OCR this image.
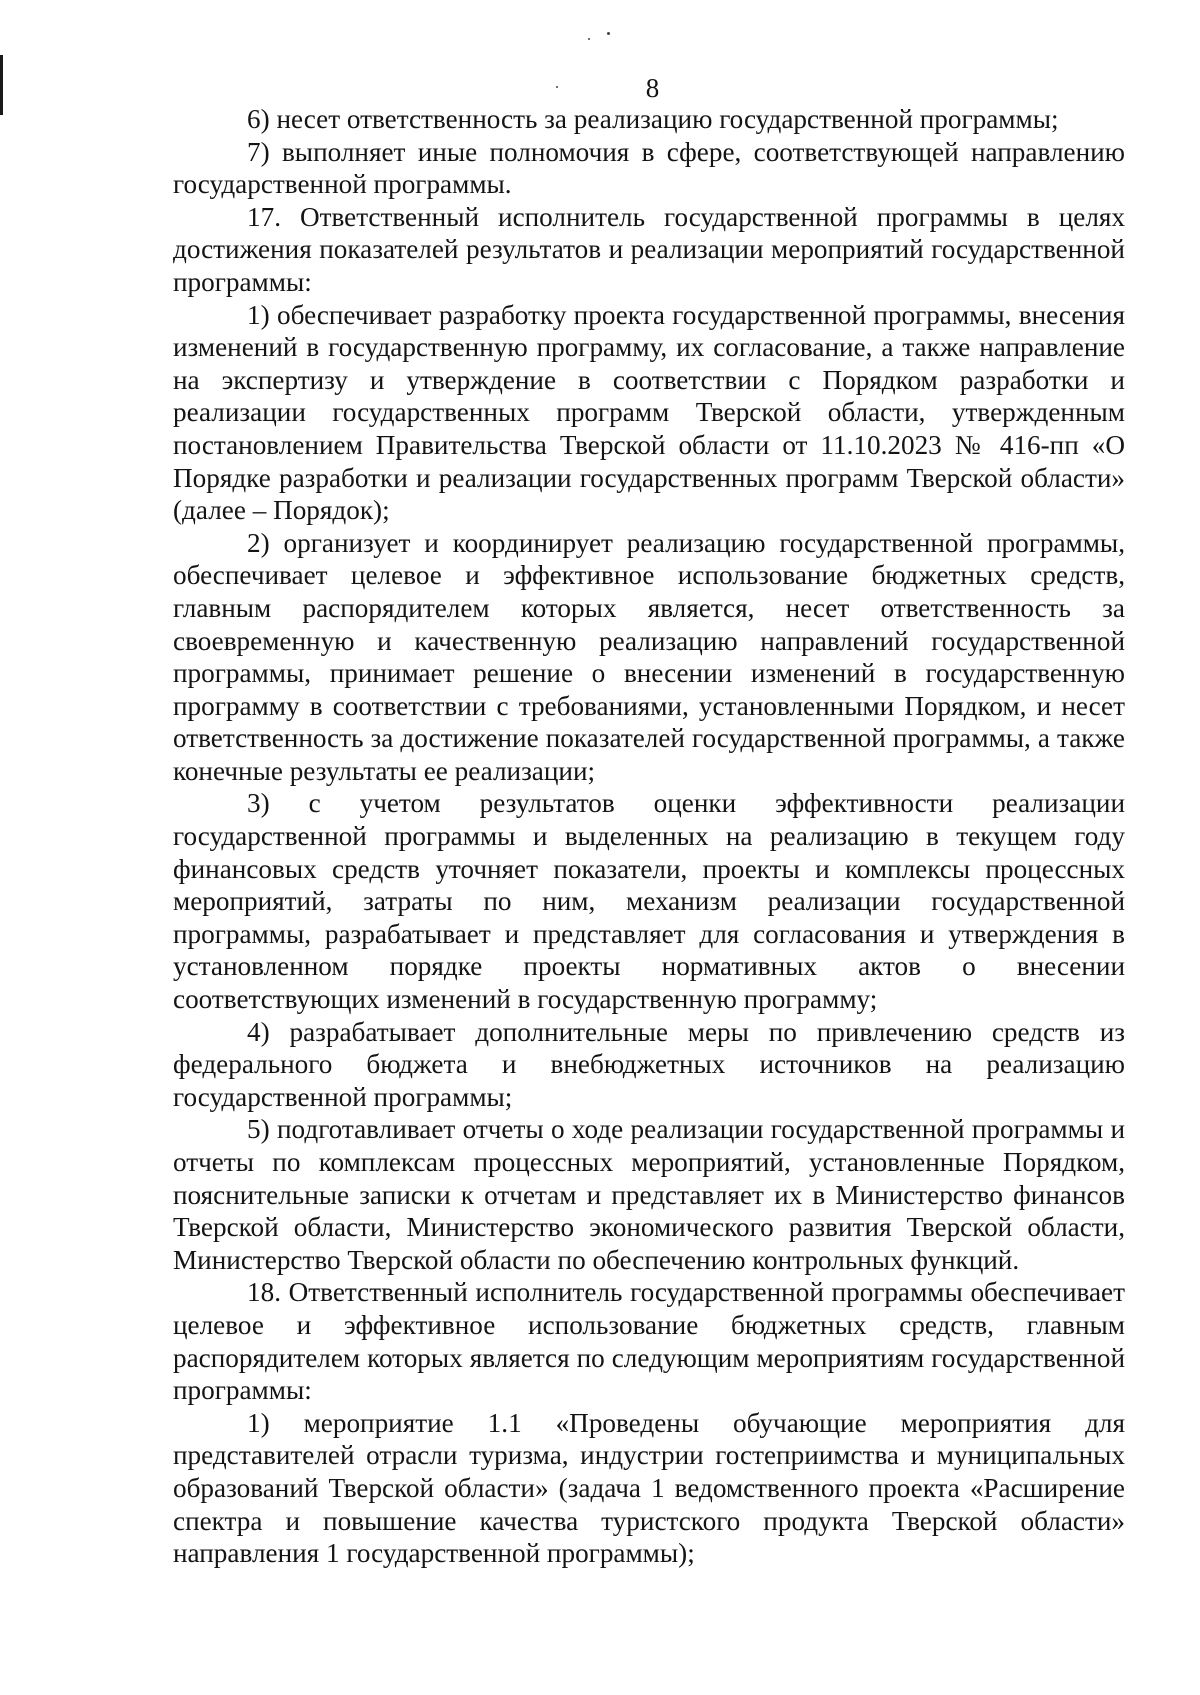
8

6) несет ответственность за реализацию государственной программы;

7) выполняет иные полномочия в сфере, соответствующей направлению государственной программы.

17. Ответственный исполнитель государственной программы в целях достижения показателей результатов и реализации мероприятий государственной программы:

1) обеспечивает разработку проекта государственной программы, внесения изменений в государственную программу, их согласование, а также направление на экспертизу и утверждение в соответствии с Порядком разработки и реализации государственных программ Тверской области, утвержденным постановлением Правительства Тверской области от 11.10.2023 № 416-пп «О Порядке разработки и реализации государственных программ Тверской области» (далее – Порядок);

2) организует и координирует реализацию государственной программы, обеспечивает целевое и эффективное использование бюджетных средств, главным распорядителем которых является, несет ответственность за своевременную и качественную реализацию направлений государственной программы, принимает решение о внесении изменений в государственную программу в соответствии с требованиями, установленными Порядком, и несет ответственность за достижение показателей государственной программы, а также конечные результаты ее реализации;

3) с учетом результатов оценки эффективности реализации государственной программы и выделенных на реализацию в текущем году финансовых средств уточняет показатели, проекты и комплексы процессных мероприятий, затраты по ним, механизм реализации государственной программы, разрабатывает и представляет для согласования и утверждения в установленном порядке проекты нормативных актов о внесении соответствующих изменений в государственную программу;

4) разрабатывает дополнительные меры по привлечению средств из федерального бюджета и внебюджетных источников на реализацию государственной программы;

5) подготавливает отчеты о ходе реализации государственной программы и отчеты по комплексам процессных мероприятий, установленные Порядком, пояснительные записки к отчетам и представляет их в Министерство финансов Тверской области, Министерство экономического развития Тверской области, Министерство Тверской области по обеспечению контрольных функций.

18. Ответственный исполнитель государственной программы обеспечивает целевое и эффективное использование бюджетных средств, главным распорядителем которых является по следующим мероприятиям государственной программы:

1) мероприятие 1.1 «Проведены обучающие мероприятия для представителей отрасли туризма, индустрии гостеприимства и муниципальных образований Тверской области» (задача 1 ведомственного проекта «Расширение спектра и повышение качества туристского продукта Тверской области» направления 1 государственной программы);
